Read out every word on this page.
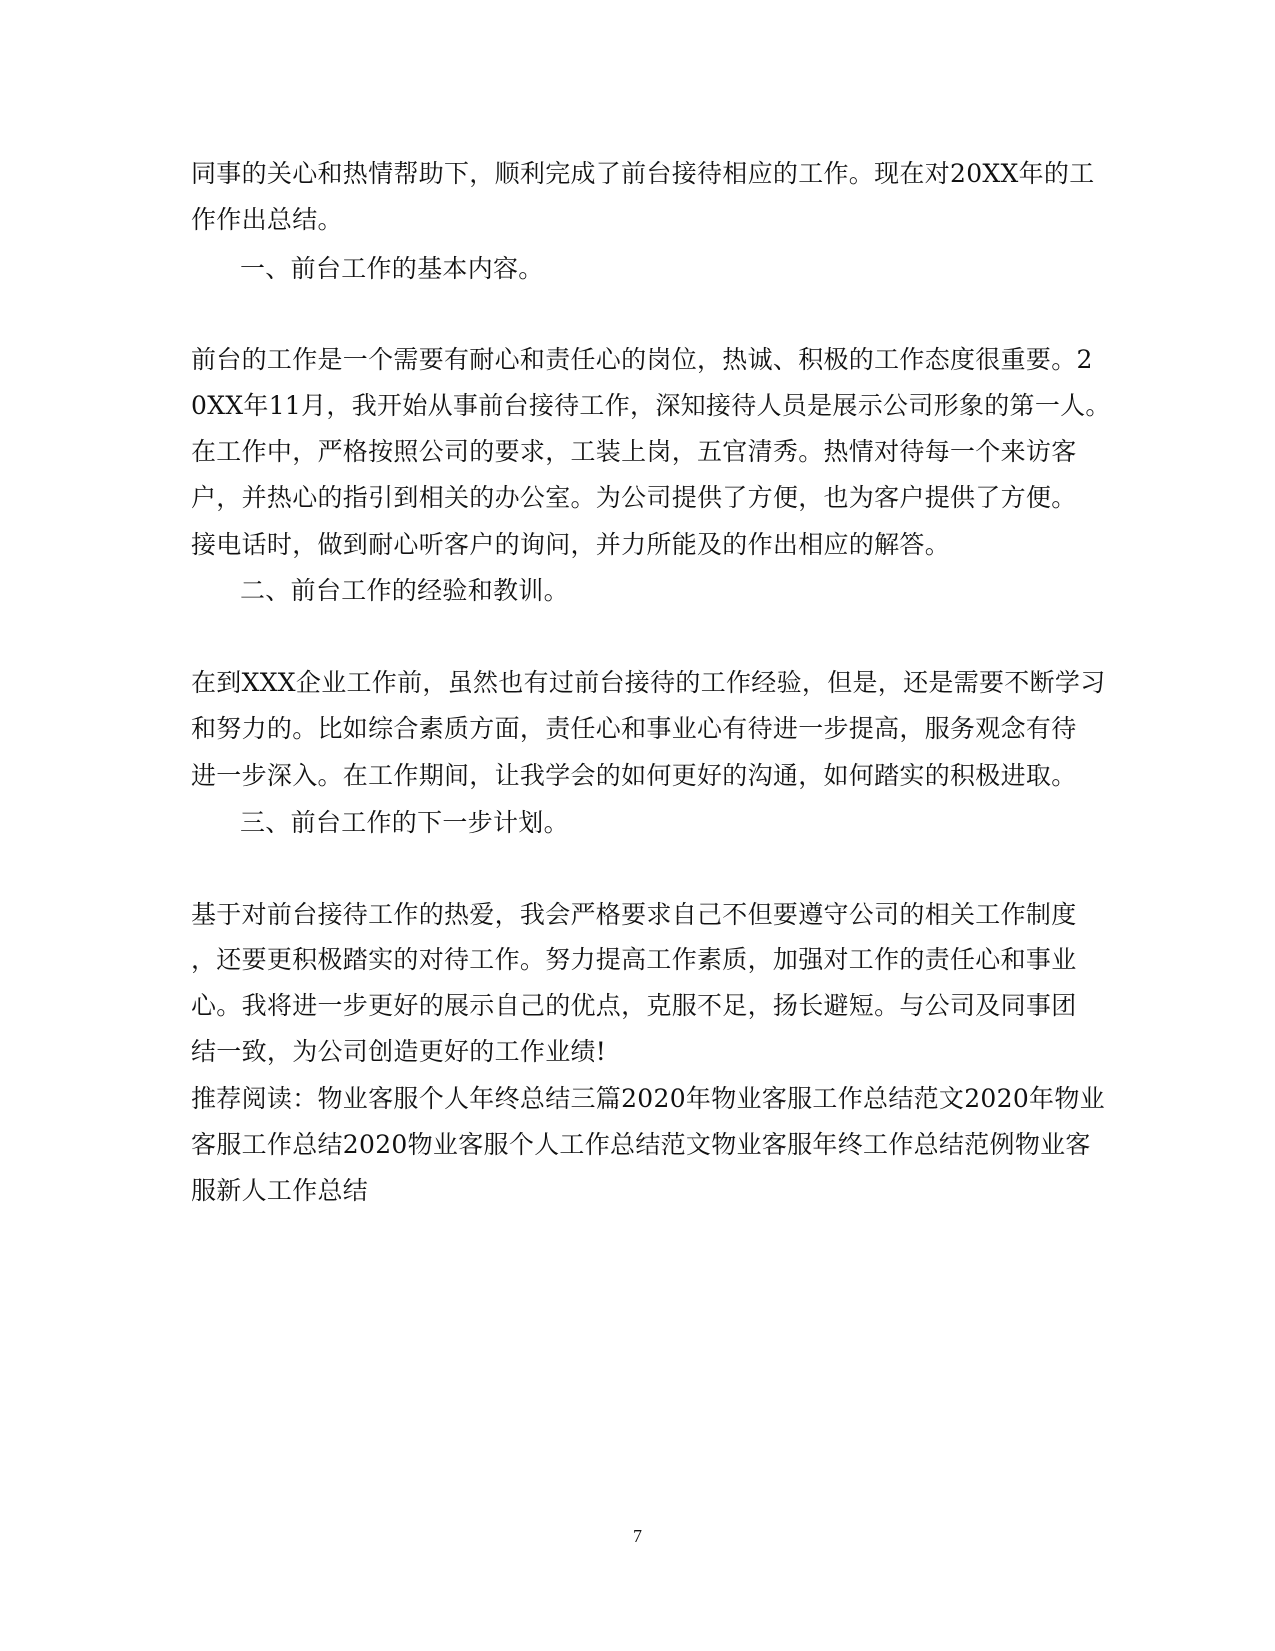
同事的关心和热情帮助下，顺利完成了前台接待相应的工作。现在对20XX年的工
作作出总结。
一、前台工作的基本内容。
前台的工作是一个需要有耐心和责任心的岗位，热诚、积极的工作态度很重要。2
0XX年11月，我开始从事前台接待工作，深知接待人员是展示公司形象的第一人。
在工作中，严格按照公司的要求，工装上岗，五官清秀。热情对待每一个来访客
户，并热心的指引到相关的办公室。为公司提供了方便，也为客户提供了方便。
接电话时，做到耐心听客户的询问，并力所能及的作出相应的解答。
二、前台工作的经验和教训。
在到XXX企业工作前，虽然也有过前台接待的工作经验，但是，还是需要不断学习
和努力的。比如综合素质方面，责任心和事业心有待进一步提高，服务观念有待
进一步深入。在工作期间，让我学会的如何更好的沟通，如何踏实的积极进取。
三、前台工作的下一步计划。
基于对前台接待工作的热爱，我会严格要求自己不但要遵守公司的相关工作制度
，还要更积极踏实的对待工作。努力提高工作素质，加强对工作的责任心和事业
心。我将进一步更好的展示自己的优点，克服不足，扬长避短。与公司及同事团
结一致，为公司创造更好的工作业绩!
推荐阅读：物业客服个人年终总结三篇2020年物业客服工作总结范文2020年物业
客服工作总结2020物业客服个人工作总结范文物业客服年终工作总结范例物业客
服新人工作总结
7
